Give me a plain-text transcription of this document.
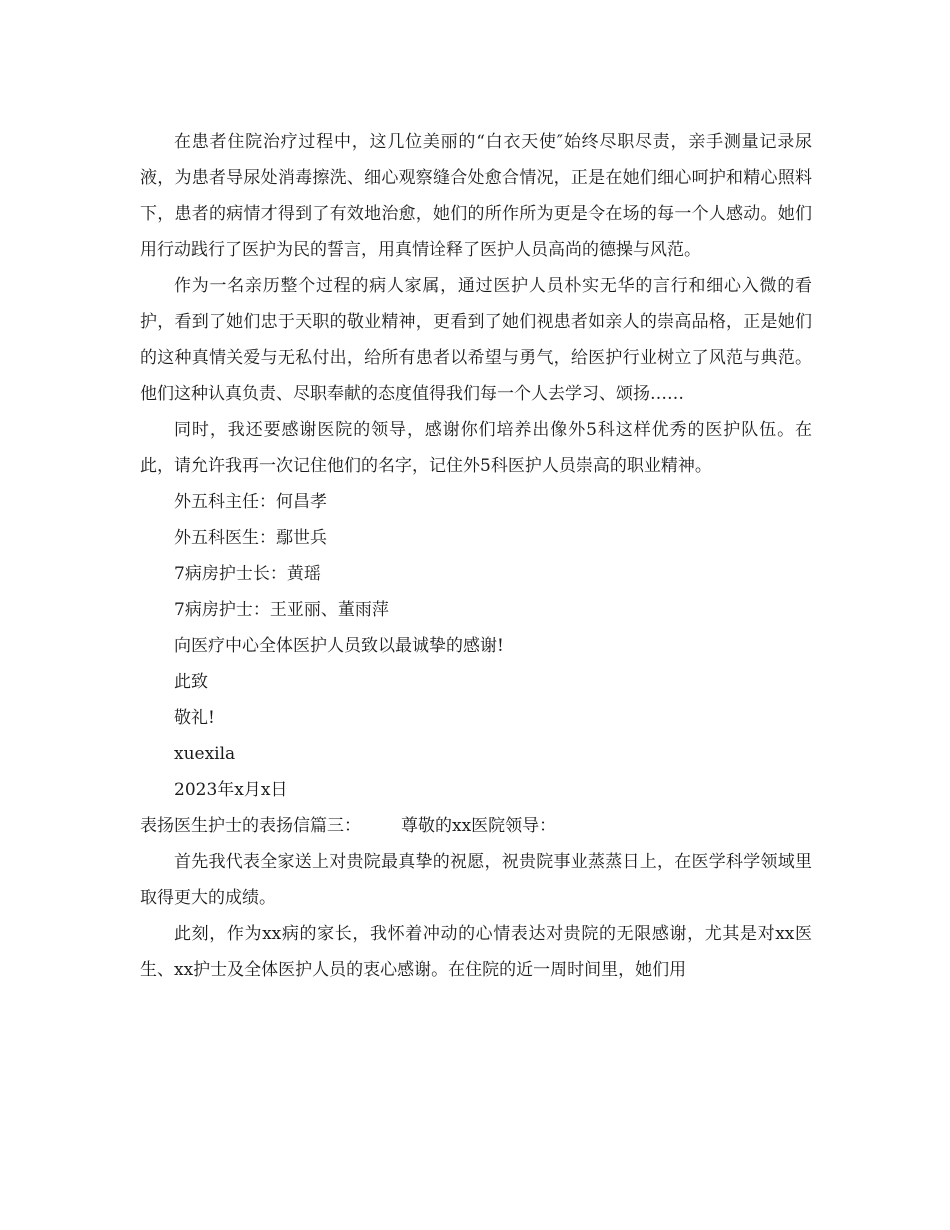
在患者住院治疗过程中，这几位美丽的“白衣天使″始终尽职尽责，亲手测量记录尿液，为患者导尿处消毒擦洗、细心观察缝合处愈合情况，正是在她们细心呵护和精心照料下，患者的病情才得到了有效地治愈，她们的所作所为更是令在场的每一个人感动。她们用行动践行了医护为民的誓言，用真情诠释了医护人员高尚的德操与风范。

作为一名亲历整个过程的病人家属，通过医护人员朴实无华的言行和细心入微的看护，看到了她们忠于天职的敬业精神，更看到了她们视患者如亲人的崇高品格，正是她们的这种真情关爱与无私付出，给所有患者以希望与勇气，给医护行业树立了风范与典范。他们这种认真负责、尽职奉献的态度值得我们每一个人去学习、颂扬……

同时，我还要感谢医院的领导，感谢你们培养出像外5科这样优秀的医护队伍。在此，请允许我再一次记住他们的名字，记住外5科医护人员崇高的职业精神。

外五科主任：何昌孝

外五科医生：鄢世兵

7病房护士长：黄瑶

7病房护士：王亚丽、董雨萍

向医疗中心全体医护人员致以最诚挚的感谢!

此致

敬礼!

xuexila

2023年x月x日

表扬医生护士的表扬信篇三： 尊敬的xx医院领导：

首先我代表全家送上对贵院最真挚的祝愿，祝贵院事业蒸蒸日上，在医学科学领域里取得更大的成绩。

此刻，作为xx病的家长，我怀着冲动的心情表达对贵院的无限感谢，尤其是对xx医生、xx护士及全体医护人员的衷心感谢。在住院的近一周时间里，她们用
